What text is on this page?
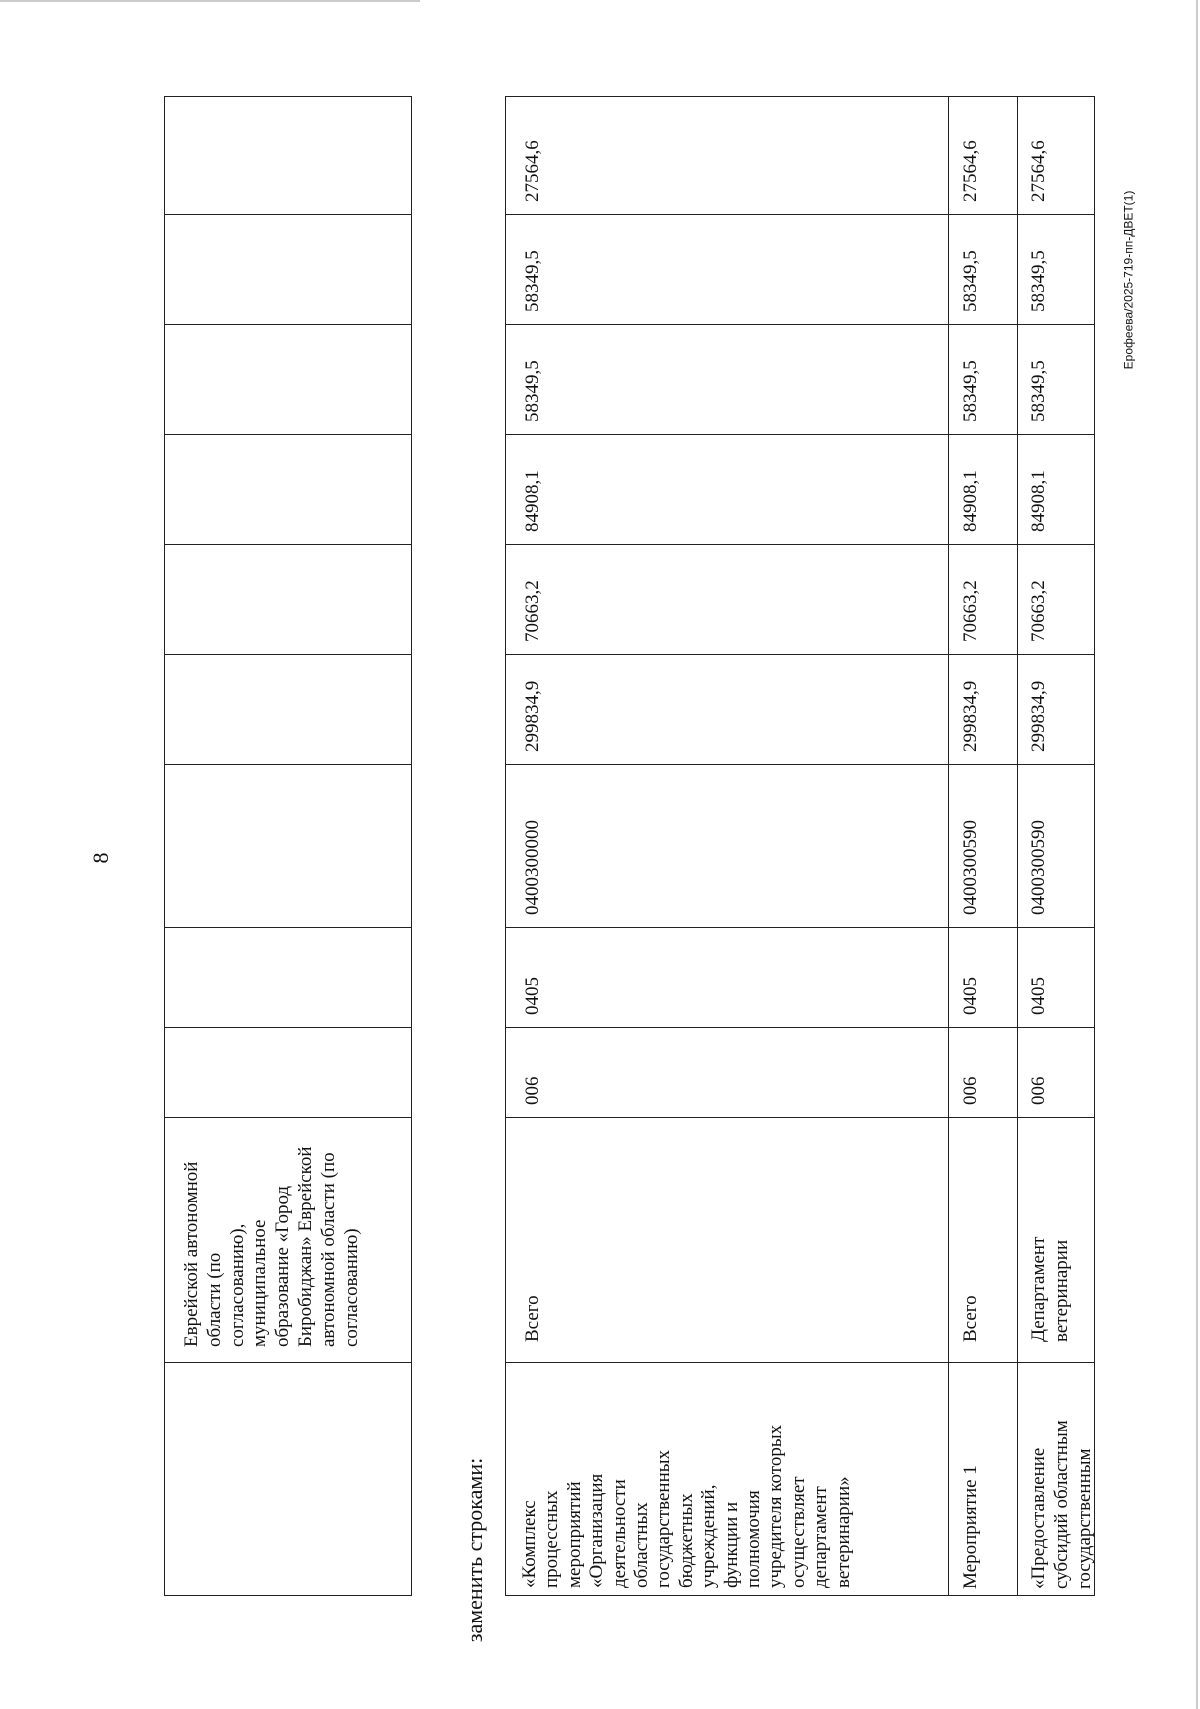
8
Ерофеева/2025-719-пп-ДВЕТ(1)
заменить строками:
Еврейской автономной области (по согласованию), муниципальное образование «Город Биробиджан» Еврейской автономной области (по согласованию)	Всего
006
0405
0400300000
299834,9
70663,2
84908,1
58349,5
58349,5
27564,6
Мероприятие 1
Всего
006
0405
0400300590
299834,9
70663,2
84908,1
58349,5
58349,5
27564,6
«Предоставление субсидий областным государственным
Департамент ветеринарии
006
0405
0400300590
299834,9
70663,2
84908,1
58349,5
58349,5
27564,6
«Комплекс процессных мероприятий «Организация деятельности областных государственных бюджетных учреждений, функции и полномочия учредителя которых осуществляет департамент ветеринарии»
